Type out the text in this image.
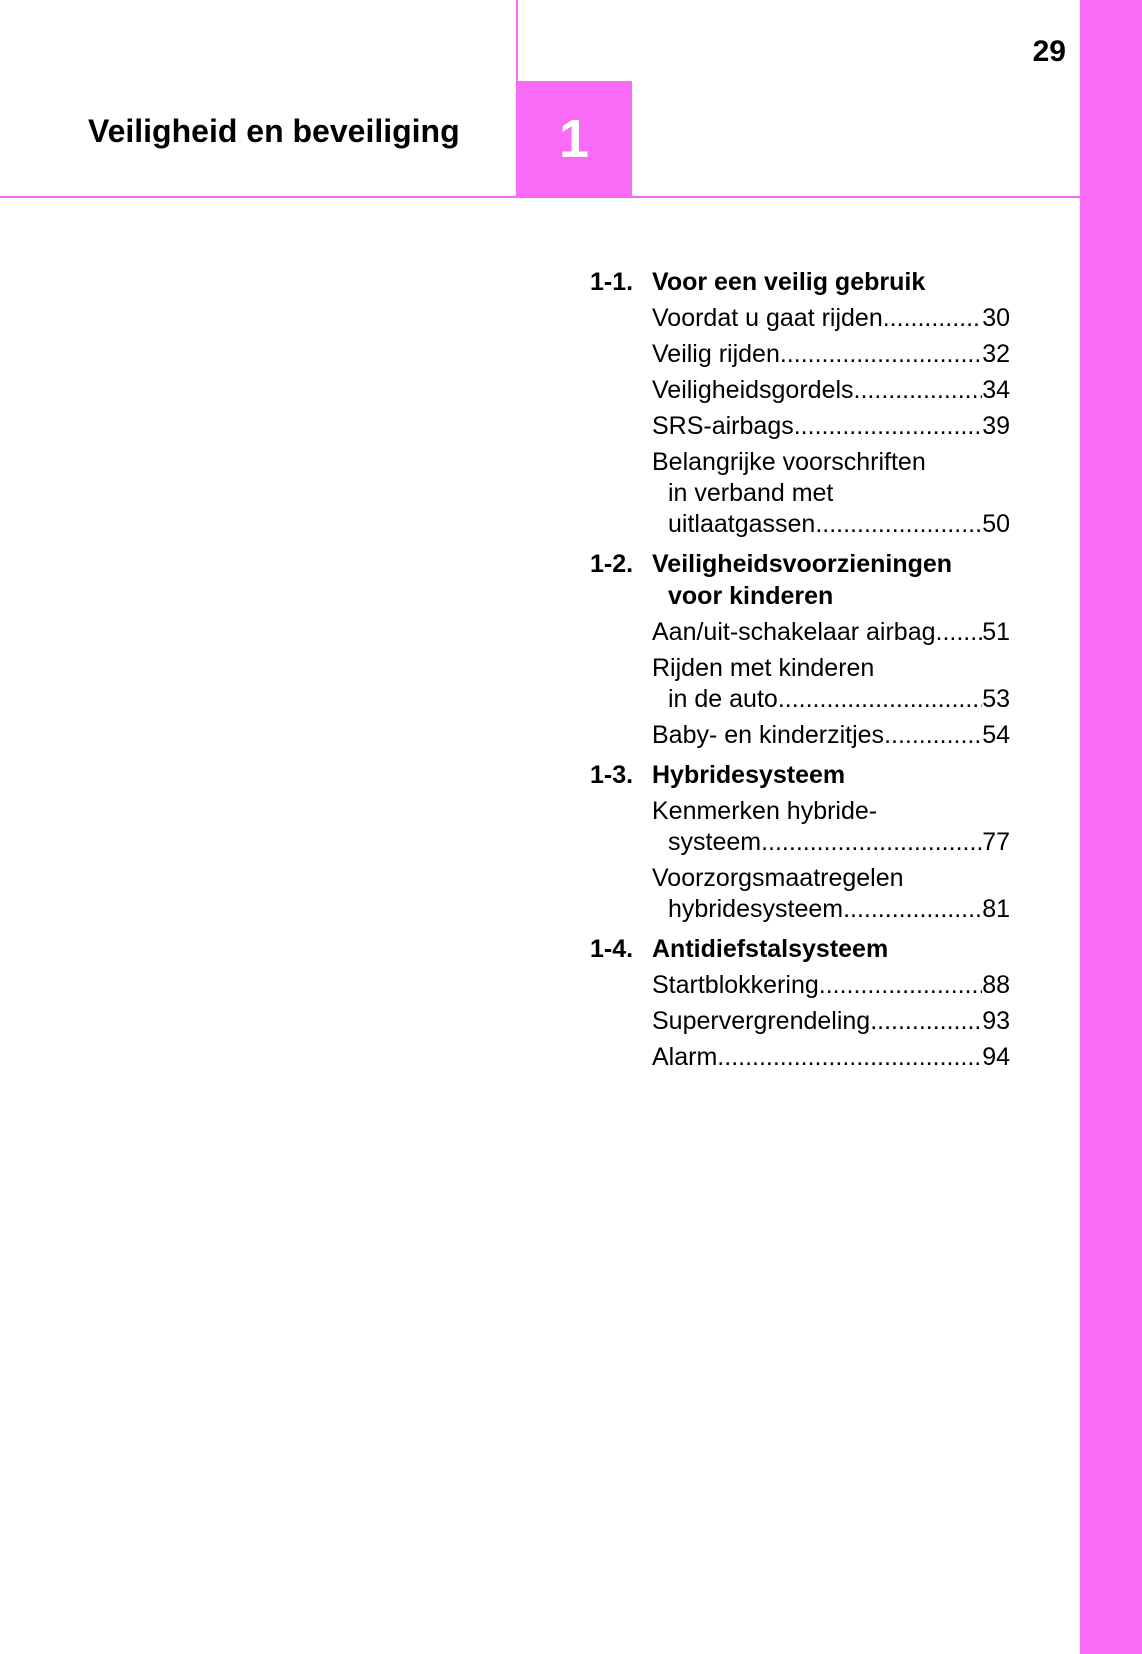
Veiligheid en beveiliging 1
29
1-1. Voor een veilig gebruik
Voordat u gaat rijden .....	30
Veilig rijden .....	32
Veiligheidsgordels .....	34
SRS-airbags .....	39
Belangrijke voorschriften
in verband met
uitlaatgassen .....	50
1-2. Veiligheidsvoorzieningen
voor kinderen
Aan/uit-schakelaar airbag ..... 51
Rijden met kinderen
in de auto .....	53
Baby- en kinderzitjes .....	54
1-3. Hybridesysteem
Kenmerken hybride-
systeem .....	77
Voorzorgsmaatregelen
hybridesysteem .....	81
1-4. Antidiefstalsysteem
Startblokkering .....	88
Supervergrendeling .....	93
Alarm .....	94
